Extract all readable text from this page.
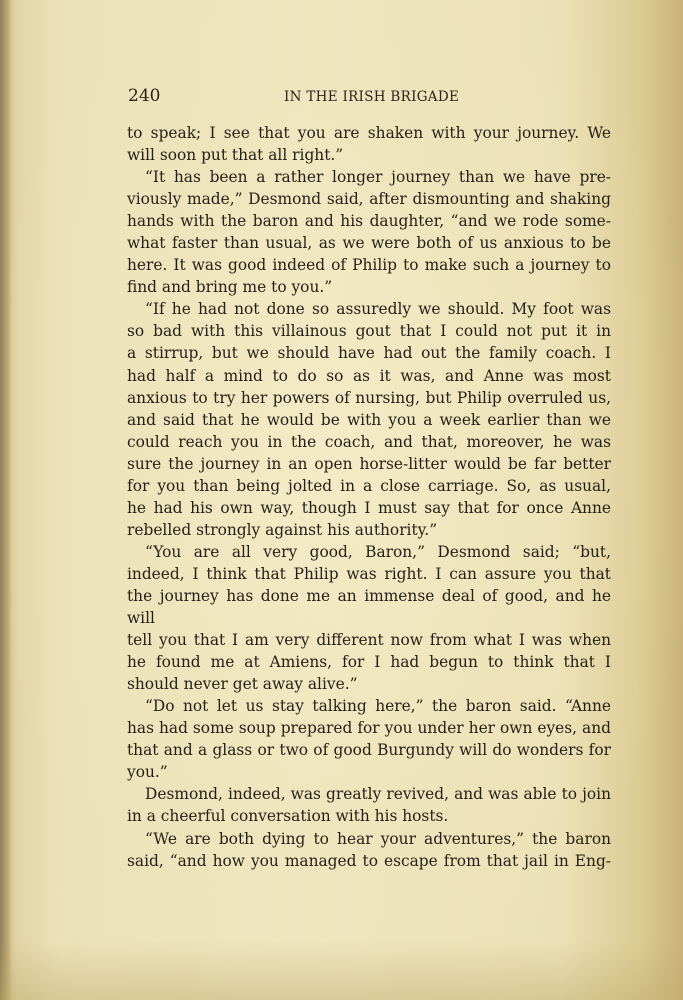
240	IN THE IRISH BRIGADE

to speak; I see that you are shaken with your journey. We

will soon put that all right.”

“It has been a rather longer journey than we have pre-

viously made,” Desmond said, after dismounting and shaking

hands with the baron and his daughter, “and we rode some-

what faster than usual, as we were both of us anxious to be

here. It was good indeed of Philip to make such a journey to

find and bring me to you.”

“If he had not done so assuredly we should. My foot was

so bad with this villainous gout that I could not put it in

a stirrup, but we should have had out the family coach. I

had half a mind to do so as it was, and Anne was most

anxious to try her powers of nursing, but Philip overruled us,

and said that he would be with you a week earlier than we

could reach you in the coach, and that, moreover, he was

sure the journey in an open horse-litter would be far better

for you than being jolted in a close carriage. So, as usual,

he had his own way, though I must say that for once Anne

rebelled strongly against his authority.”

“You are all very good, Baron,” Desmond said; “but,

indeed, I think that Philip was right. I can assure you that

the journey has done me an immense deal of good, and he will

tell you that I am very different now from what I was when

he found me at Amiens, for I had begun to think that I

should never get away alive.”

“Do not let us stay talking here,” the baron said. “Anne

has had some soup prepared for you under her own eyes, and

that and a glass or two of good Burgundy will do wonders for

you.”

Desmond, indeed, was greatly revived, and was able to join

in a cheerful conversation with his hosts.

“We are both dying to hear your adventures,” the baron

said, “and how you managed to escape from that jail in Eng-
